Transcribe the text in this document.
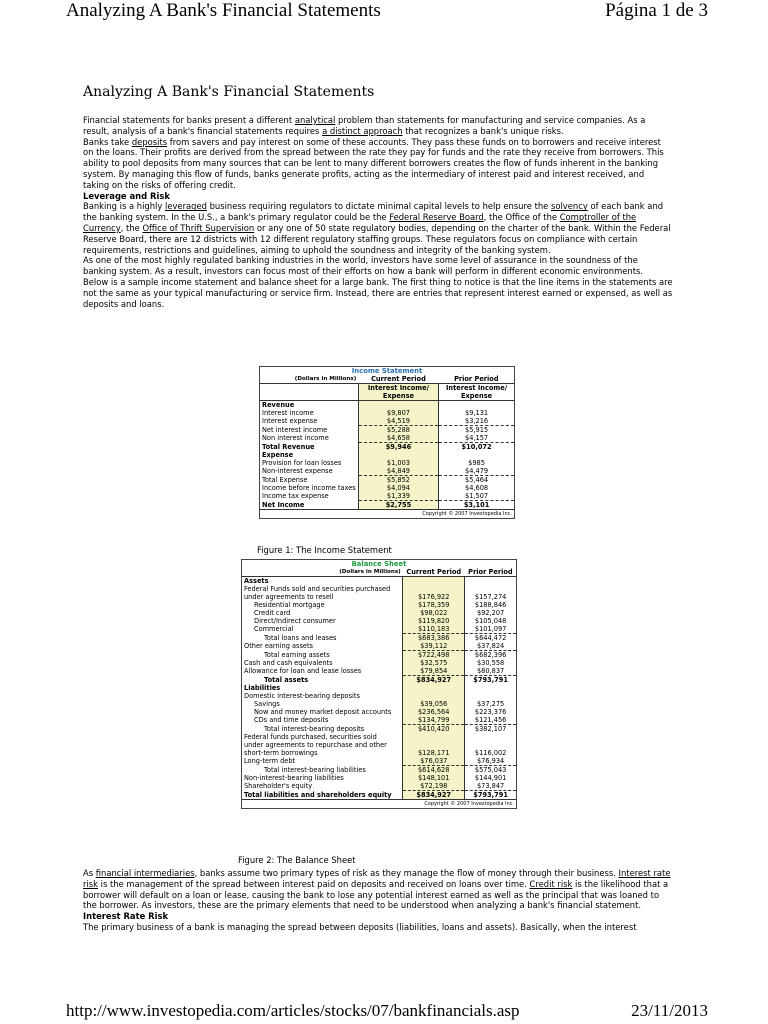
Analyzing A Bank's Financial Statements	Página 1 de 3
Analyzing A Bank's Financial Statements

Financial statements for banks present a different analytical problem than statements for manufacturing and service companies. As a result, analysis of a bank's financial statements requires a distinct approach that recognizes a bank's unique risks.

Banks take deposits from savers and pay interest on some of these accounts. They pass these funds on to borrowers and receive interest on the loans. Their profits are derived from the spread between the rate they pay for funds and the rate they receive from borrowers. This ability to pool deposits from many sources that can be lent to many different borrowers creates the flow of funds inherent in the banking system. By managing this flow of funds, banks generate profits, acting as the intermediary of interest paid and interest received, and taking on the risks of offering credit.

Leverage and Risk

Banking is a highly leveraged business requiring regulators to dictate minimal capital levels to help ensure the solvency of each bank and the banking system. In the U.S., a bank's primary regulator could be the Federal Reserve Board, the Office of the Comptroller of the Currency, the Office of Thrift Supervision or any one of 50 state regulatory bodies, depending on the charter of the bank. Within the Federal Reserve Board, there are 12 districts with 12 different regulatory staffing groups. These regulators focus on compliance with certain requirements, restrictions and guidelines, aiming to uphold the soundness and integrity of the banking system.

As one of the most highly regulated banking industries in the world, investors have some level of assurance in the soundness of the banking system. As a result, investors can focus most of their efforts on how a bank will perform in different economic environments.

Below is a sample income statement and balance sheet for a large bank. The first thing to notice is that the line items in the statements are not the same as your typical manufacturing or service firm. Instead, there are entries that represent interest earned or expensed, as well as deposits and loans.

Income Statement		
(Dollars in Millions)	Current Period	Prior Period
	Interest Income/ Expense	Interest Income/ Expense
Revenue		
Interest income	$9,807	$9,131
Interest expense	$4,519	$3,216
Net interest income	$5,288	$5,915
Non interest income	$4,658	$4,157
Total Revenue	$9,946	$10,072
Expense		
Provision for loan losses	$1,003	$985
Non-interest expense	$4,849	$4,479
Total Expense	$5,852	$5,464
Income before income taxes	$4,094	$4,608
Income tax expense	$1,339	$1,507
Net Income	$2,755	$3,101
Copyright © 2007 Investopedia Inc.		
Figure 1: The Income Statement
Balance Sheet		
(Dollars in Millions)	Current Period	Prior Period
Assets		
Federal Funds sold and securities purchased		
under agreements to resell	$176,922	$157,274
Residential mortgage	$178,359	$188,846
Credit card	$98,022	$92,207
Direct/Indirect consumer	$119,820	$105,048
Commercial	$110,183	$101,097
Total loans and leases	$683,386	$644,472
Other earning assets	$39,112	$37,824
Total earning assets	$722,498	$682,396
Cash and cash equivalents	$32,575	$30,558
Allowance for loan and lease losses	$79,854	$80,837
Total assets	$834,927	$793,791
Liabilities		
Domestic interest-bearing deposits		
Savings	$39,056	$37,275
Now and money market deposit accounts	$236,564	$223,376
CDs and time deposits	$134,799	$121,456
Total interest-bearing deposits	$410,420	$382,107
Federal funds purchased, securities sold		
under agreements to repurchase and other		
short-term borrowings	$128,171	$116,002
Long-term debt	$76,037	$76,934
Total interest-bearing liabilities	$614,628	$575,043
Non-interest-bearing liabilities	$148,101	$144,901
Shareholder's equity	$72,198	$73,847
Total liabilities and shareholders equity	$834,927	$793,791
Copyright © 2007 Investopedia Inc.		
Figure 2: The Balance Sheet

As financial intermediaries, banks assume two primary types of risk as they manage the flow of money through their business. Interest rate risk is the management of the spread between interest paid on deposits and received on loans over time. Credit risk is the likelihood that a borrower will default on a loan or lease, causing the bank to lose any potential interest earned as well as the principal that was loaned to the borrower. As investors, these are the primary elements that need to be understood when analyzing a bank's financial statement.

Interest Rate Risk

The primary business of a bank is managing the spread between deposits (liabilities, loans and assets). Basically, when the interest

http://www.investopedia.com/articles/stocks/07/bankfinancials.asp	23/11/2013
